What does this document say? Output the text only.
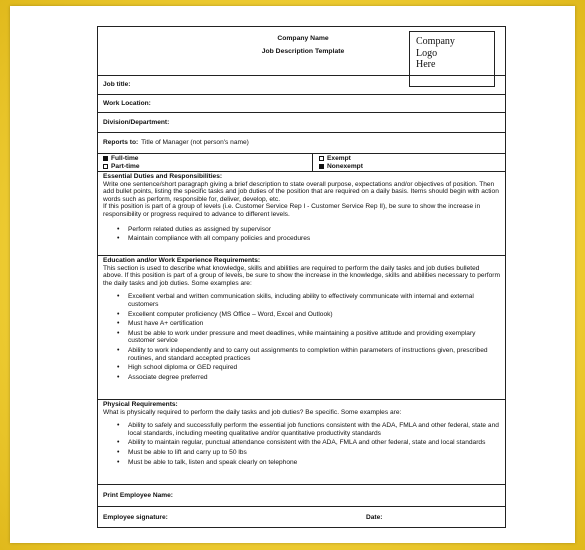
Company Name
Job Description Template
Company
Logo
Here
Job title:
Work Location:
Division/Department:
Reports to: Title of Manager (not person's name)
Full-time
Part-time
Exempt
Nonexempt

Essential Duties and Responsibilities:

Write one sentence/short paragraph giving a brief description to state overall purpose, expectations and/or objectives of position. Then add bullet points, listing the specific tasks and job duties of the position that are required on a daily basis. Items should begin with action words such as perform, responsible for, deliver, develop, etc.

If this position is part of a group of levels (i.e. Customer Service Rep I - Customer Service Rep II), be sure to show the increase in responsibility or progress required to advance to different levels.

• Perform related duties as assigned by supervisor
• Maintain compliance with all company policies and procedures

Education and/or Work Experience Requirements:

This section is used to describe what knowledge, skills and abilities are required to perform the daily tasks and job duties bulleted above. If this position is part of a group of levels, be sure to show the increase in the knowledge, skills and abilities necessary to perform the daily tasks and job duties. Some examples are:

• Excellent verbal and written communication skills, including ability to effectively communicate with internal and external customers
• Excellent computer proficiency (MS Office – Word, Excel and Outlook)
• Must have A+ certification
• Must be able to work under pressure and meet deadlines, while maintaining a positive attitude and providing exemplary customer service
• Ability to work independently and to carry out assignments to completion within parameters of instructions given, prescribed routines, and standard accepted practices
• High school diploma or GED required
• Associate degree preferred

Physical Requirements:

What is physically required to perform the daily tasks and job duties? Be specific. Some examples are:

• Ability to safely and successfully perform the essential job functions consistent with the ADA, FMLA and other federal, state and local standards, including meeting qualitative and/or quantitative productivity standards
• Ability to maintain regular, punctual attendance consistent with the ADA, FMLA and other federal, state and local standards
• Must be able to lift and carry up to 50 lbs
• Must be able to talk, listen and speak clearly on telephone
Print Employee Name:
Employee signature:	Date:
